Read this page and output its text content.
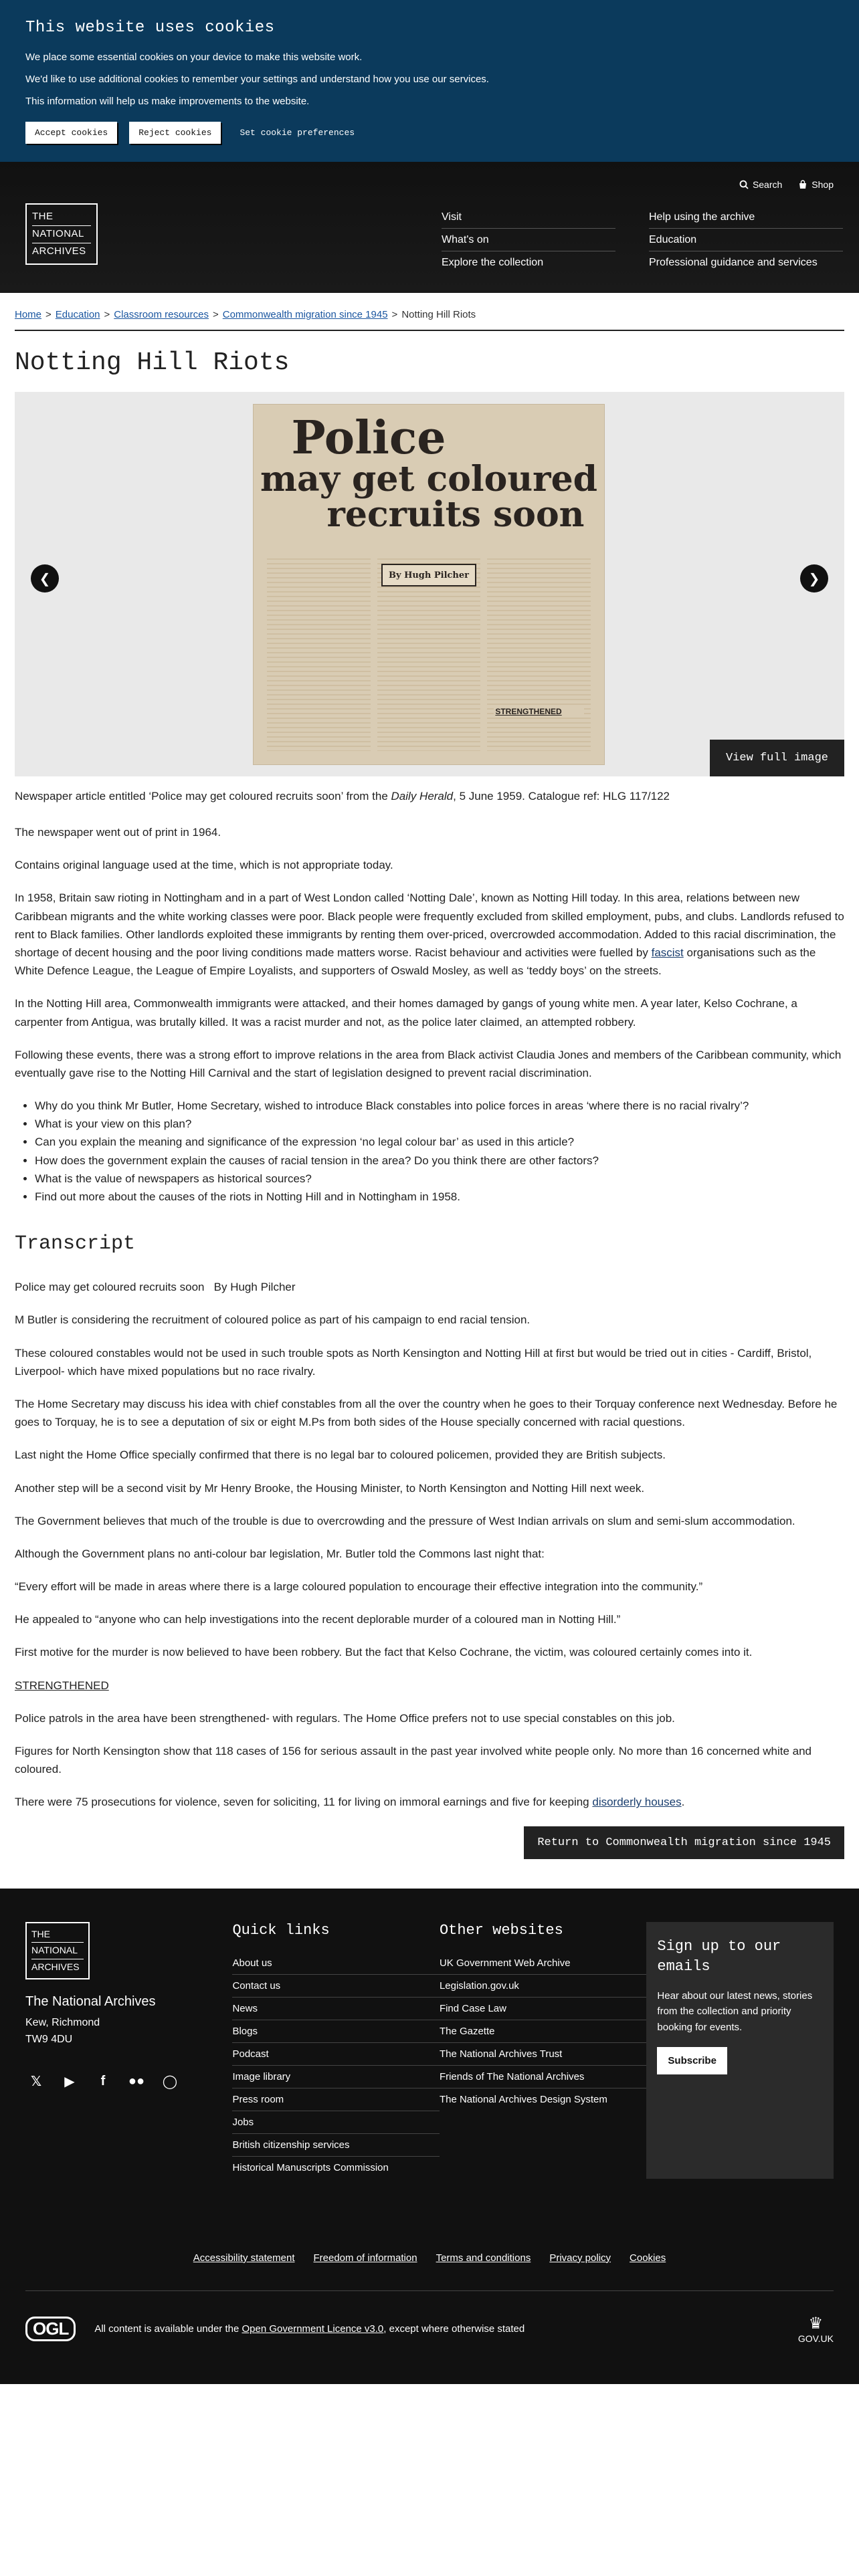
This website uses cookies

We place some essential cookies on your device to make this website work.

We'd like to use additional cookies to remember your settings and understand how you use our services.

This information will help us make improvements to the website.

Accept cookies	Reject cookies	Set cookie preferences
Search	Shop
THE
NATIONAL
ARCHIVES
Visit
What's on
Explore the collection
Help using the archive
Education
Professional guidance and services
Home > Education > Classroom resources > Commonwealth migration since 1945 > Notting Hill Riots
Notting Hill Riots
Police
may get coloured
recruits soon
By Hugh Pilcher
STRENGTHENED
❮	❯
View full image

Newspaper article entitled ‘Police may get coloured recruits soon’ from the Daily Herald, 5 June 1959. Catalogue ref: HLG 117/122

The newspaper went out of print in 1964.

Contains original language used at the time, which is not appropriate today.

In 1958, Britain saw rioting in Nottingham and in a part of West London called ‘Notting Dale’, known as Notting Hill today. In this area, relations between new Caribbean migrants and the white working classes were poor. Black people were frequently excluded from skilled employment, pubs, and clubs. Landlords refused to rent to Black families. Other landlords exploited these immigrants by renting them over-priced, overcrowded accommodation. Added to this racial discrimination, the shortage of decent housing and the poor living conditions made matters worse. Racist behaviour and activities were fuelled by fascist organisations such as the White Defence League, the League of Empire Loyalists, and supporters of Oswald Mosley, as well as ‘teddy boys’ on the streets.

In the Notting Hill area, Commonwealth immigrants were attacked, and their homes damaged by gangs of young white men. A year later, Kelso Cochrane, a carpenter from Antigua, was brutally killed. It was a racist murder and not, as the police later claimed, an attempted robbery.

Following these events, there was a strong effort to improve relations in the area from Black activist Claudia Jones and members of the Caribbean community, which eventually gave rise to the Notting Hill Carnival and the start of legislation designed to prevent racial discrimination.

• Why do you think Mr Butler, Home Secretary, wished to introduce Black constables into police forces in areas ‘where there is no racial rivalry’?
• What is your view on this plan?
• Can you explain the meaning and significance of the expression ‘no legal colour bar’ as used in this article?
• How does the government explain the causes of racial tension in the area? Do you think there are other factors?
• What is the value of newspapers as historical sources?
• Find out more about the causes of the riots in Notting Hill and in Nottingham in 1958.
Transcript

Police may get coloured recruits soon   By Hugh Pilcher

M Butler is considering the recruitment of coloured police as part of his campaign to end racial tension.

These coloured constables would not be used in such trouble spots as North Kensington and Notting Hill at first but would be tried out in cities - Cardiff, Bristol, Liverpool- which have mixed populations but no race rivalry.

The Home Secretary may discuss his idea with chief constables from all the over the country when he goes to their Torquay conference next Wednesday. Before he goes to Torquay, he is to see a deputation of six or eight M.Ps from both sides of the House specially concerned with racial questions.

Last night the Home Office specially confirmed that there is no legal bar to coloured policemen, provided they are British subjects.

Another step will be a second visit by Mr Henry Brooke, the Housing Minister, to North Kensington and Notting Hill next week.

The Government believes that much of the trouble is due to overcrowding and the pressure of West Indian arrivals on slum and semi-slum accommodation.

Although the Government plans no anti-colour bar legislation, Mr. Butler told the Commons last night that:

“Every effort will be made in areas where there is a large coloured population to encourage their effective integration into the community.”

He appealed to “anyone who can help investigations into the recent deplorable murder of a coloured man in Notting Hill.”

First motive for the murder is now believed to have been robbery. But the fact that Kelso Cochrane, the victim, was coloured certainly comes into it.

STRENGTHENED

Police patrols in the area have been strengthened- with regulars. The Home Office prefers not to use special constables on this job.

Figures for North Kensington show that 118 cases of 156 for serious assault in the past year involved white people only. No more than 16 concerned white and coloured.

There were 75 prosecutions for violence, seven for soliciting, 11 for living on immoral earnings and five for keeping disorderly houses.

Return to Commonwealth migration since 1945
THE
NATIONAL
ARCHIVES
The National Archives
Kew, Richmond
TW9 4DU
𝕏	▶	f	●● ◯
Quick links
About us
Contact us
News
Blogs
Podcast
Image library
Press room
Jobs
British citizenship services
Historical Manuscripts Commission
Other websites
UK Government Web Archive
Legislation.gov.uk
Find Case Law
The Gazette
The National Archives Trust
Friends of The National Archives
The National Archives Design System
Sign up to our emails

Hear about our latest news, stories from the collection and priority booking for events.

Subscribe
Accessibility statement Freedom of information Terms and conditions Privacy policy Cookies
OGL	All content is available under the Open Government Licence v3.0, except where otherwise stated	♛
GOV.UK
